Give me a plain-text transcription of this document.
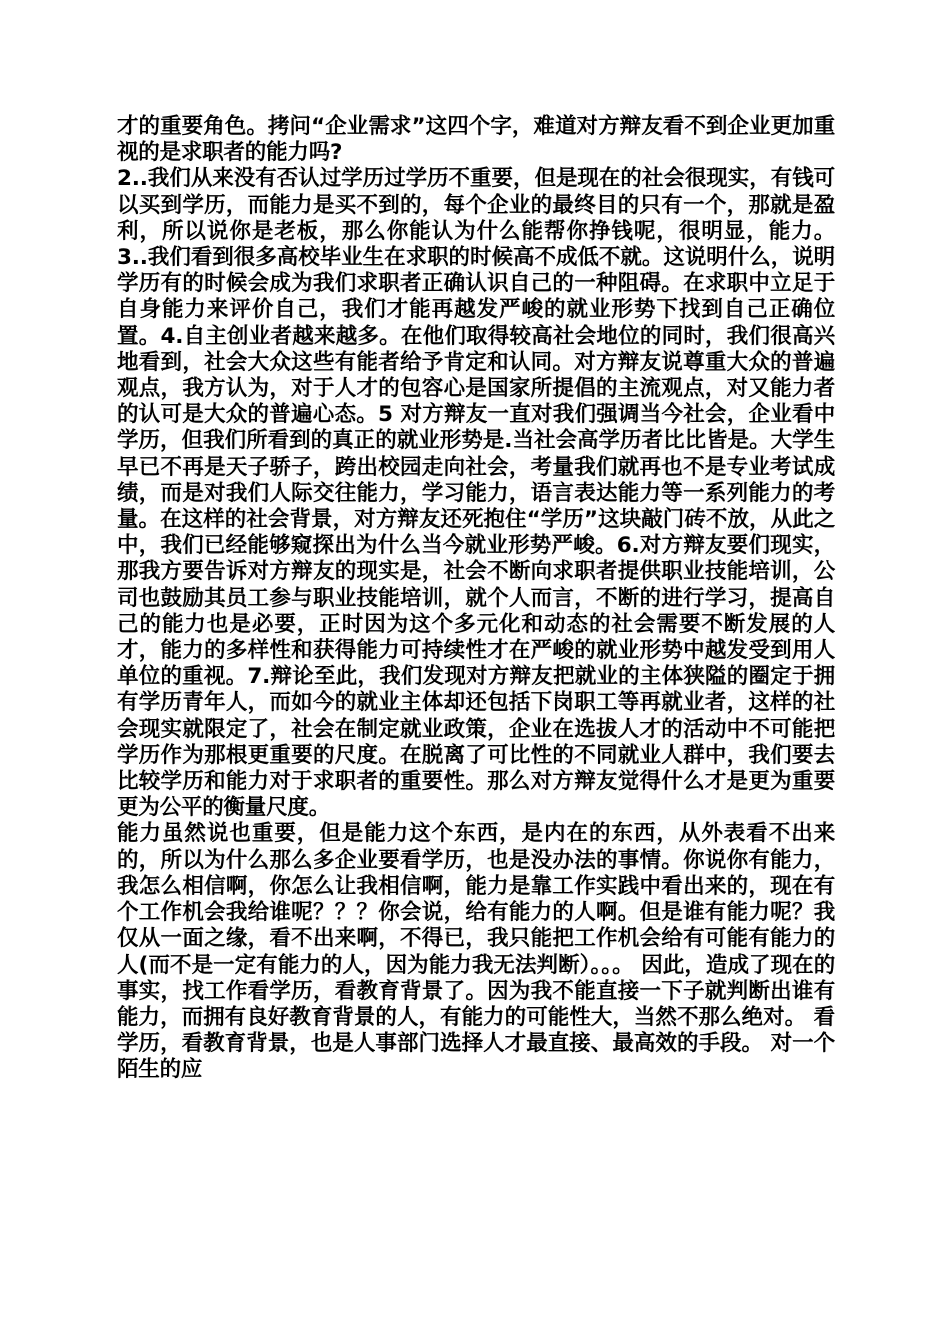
才的重要角色。拷问“企业需求”这四个字，难道对方辩友看不到企业更加重视的是求职者的能力吗?

2..我们从来没有否认过学历过学历不重要，但是现在的社会很现实，有钱可以买到学历，而能力是买不到的，每个企业的最终目的只有一个，那就是盈利，所以说你是老板，那么你能认为什么能帮你挣钱呢，很明显，能力。 3..我们看到很多高校毕业生在求职的时候高不成低不就。这说明什么，说明学历有的时候会成为我们求职者正确认识自己的一种阻碍。在求职中立足于自身能力来评价自己，我们才能再越发严峻的就业形势下找到自己正确位置。4.自主创业者越来越多。在他们取得较高社会地位的同时，我们很高兴地看到，社会大众这些有能者给予肯定和认同。对方辩友说尊重大众的普遍观点，我方认为，对于人才的包容心是国家所提倡的主流观点，对又能力者的认可是大众的普遍心态。5 对方辩友一直对我们强调当今社会，企业看中学历，但我们所看到的真正的就业形势是.当社会高学历者比比皆是。大学生早已不再是天子骄子，跨出校园走向社会，考量我们就再也不是专业考试成绩，而是对我们人际交往能力，学习能力，语言表达能力等一系列能力的考量。在这样的社会背景，对方辩友还死抱住“学历”这块敲门砖不放，从此之中，我们已经能够窥探出为什么当今就业形势严峻。6.对方辩友要们现实，那我方要告诉对方辩友的现实是，社会不断向求职者提供职业技能培训，公司也鼓励其员工参与职业技能培训，就个人而言，不断的进行学习，提高自己的能力也是必要，正时因为这个多元化和动态的社会需要不断发展的人才，能力的多样性和获得能力可持续性才在严峻的就业形势中越发受到用人单位的重视。7.辩论至此，我们发现对方辩友把就业的主体狭隘的圈定于拥有学历青年人，而如今的就业主体却还包括下岗职工等再就业者，这样的社会现实就限定了，社会在制定就业政策，企业在选拔人才的活动中不可能把学历作为那根更重要的尺度。在脱离了可比性的不同就业人群中，我们要去比较学历和能力对于求职者的重要性。那么对方辩友觉得什么才是更为重要更为公平的衡量尺度。

能力虽然说也重要，但是能力这个东西，是内在的东西，从外表看不出来的，所以为什么那么多企业要看学历，也是没办法的事情。你说你有能力，我怎么相信啊，你怎么让我相信啊，能力是靠工作实践中看出来的，现在有个工作机会我给谁呢？？？你会说，给有能力的人啊。但是谁有能力呢？我仅从一面之缘，看不出来啊，不得已，我只能把工作机会给有可能有能力的人(而不是一定有能力的人，因为能力我无法判断）。。。 因此，造成了现在的事实，找工作看学历，看教育背景了。因为我不能直接一下子就判断出谁有能力，而拥有良好教育背景的人，有能力的可能性大，当然不那么绝对。 看学历，看教育背景，也是人事部门选择人才最直接、最高效的手段。 对一个陌生的应
